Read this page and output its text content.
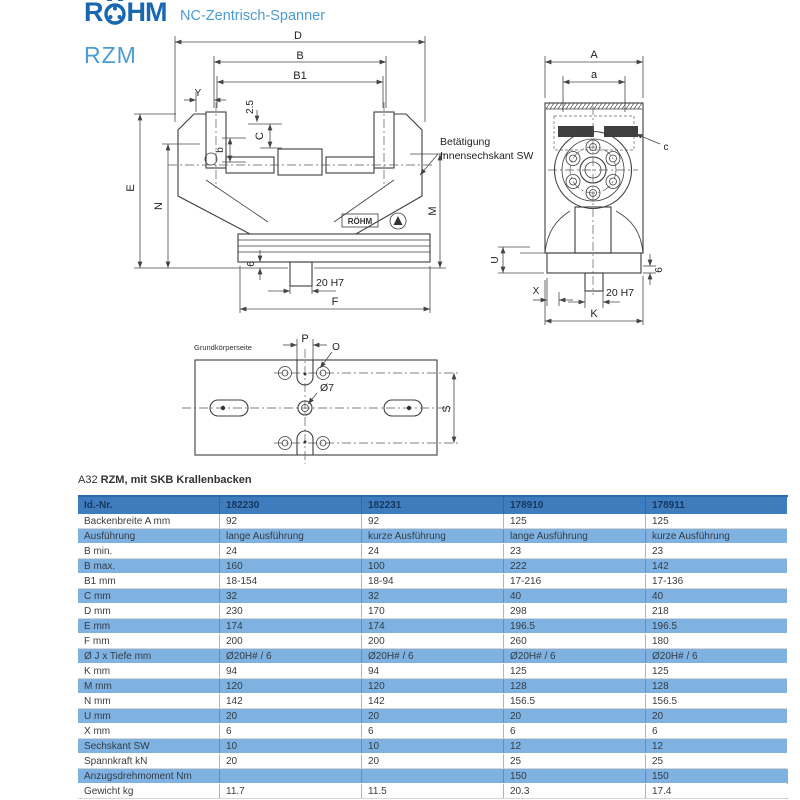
R HM NC-Zentrisch-Spanner
RZM
RÖHM
D
B
B1
Y
2.5
C
b
E
N
M
6
20 H7
F
Betätigung
Innensechskant SW
A
a
c
U
X	20 H7
6
K
Grundkörperseite
P
O
Ø7
S
A32 RZM, mit SKB Krallenbacken
Id.-Nr.	182230	182231	178910	178911
Backenbreite A mm	92	92	125	125
Ausführung	lange Ausführung	kurze Ausführung	lange Ausführung	kurze Ausführung
B min.	24	24	23	23
B max.	160	100	222	142
B1 mm	18-154	18-94	17-216	17-136
C mm	32	32	40	40
D mm	230	170	298	218
E mm	174	174	196.5	196.5
F mm	200	200	260	180
Ø J x Tiefe mm	Ø20H# / 6	Ø20H# / 6	Ø20H# / 6	Ø20H# / 6
K mm	94	94	125	125
M mm	120	120	128	128
N mm	142	142	156.5	156.5
U mm	20	20	20	20
X mm	6	6	6	6
Sechskant SW	10	10	12	12
Spannkraft kN	20	20	25	25
Anzugsdrehmoment Nm			150	150
Gewicht kg	11.7	11.5	20.3	17.4
